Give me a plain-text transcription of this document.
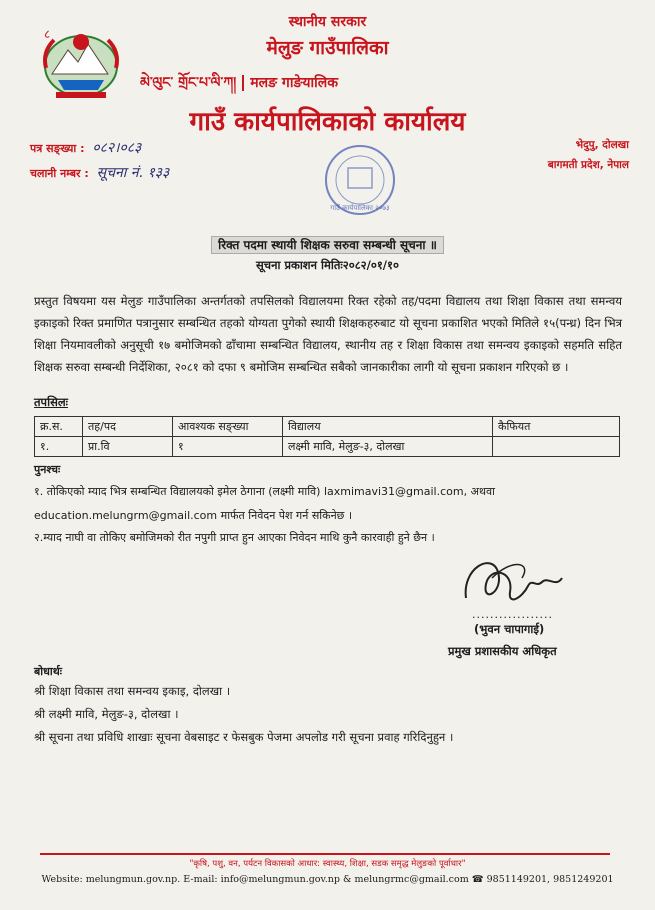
८
स्थानीय सरकार
मेलुङ गाउँपालिका
མེ་ལུང་ གྲོང་པ་ལི་ཀ། मलङ गाङेयालिक
गाउँ कार्यपालिकाको कार्यालय
पत्र सङ्ख्या : ०८२।०८३
चलानी नम्बर : सूचना नं. १३३
भेदुपु, दोलखा
बागमती प्रदेश, नेपाल
गाउँ कार्यपालिका २०७३
रिक्त पदमा स्थायी शिक्षक सरुवा सम्बन्धी सूचना ॥
सूचना प्रकाशन मितिः२०८२/०१/१०
प्रस्तुत विषयमा यस मेलुङ गाउँपालिका अन्तर्गतको तपसिलको विद्यालयमा रिक्त रहेको तह/पदमा विद्यालय तथा शिक्षा विकास तथा समन्वय इकाइको रिक्त प्रमाणित पत्रानुसार सम्बन्धित तहको योग्यता पुगेको स्थायी शिक्षकहरुबाट यो सूचना प्रकाशित भएको मितिले १५(पन्ध्र) दिन भित्र शिक्षा नियमावलीको अनुसूची १७ बमोजिमको ढाँचामा सम्बन्धित विद्यालय, स्थानीय तह र शिक्षा विकास तथा समन्वय इकाइको सहमति सहित शिक्षक सरुवा सम्बन्धी निर्देशिका, २०८१ को दफा ९ बमोजिम सम्बन्धित सबैको जानकारीका लागी यो सूचना प्रकाशन गरिएको छ ।
तपसिलः
क्र.स.	तह/पद	आवश्यक सङ्ख्या	विद्यालय	कैफियत
१.	प्रा.वि	१	लक्ष्मी मावि, मेलुङ-३, दोलखा	
पुनश्चः
१. तोकिएको म्याद भित्र सम्बन्धित विद्यालयको इमेल ठेगाना (लक्ष्मी मावि) laxmimavi31@gmail.com, अथवा
education.melungrm@gmail.com मार्फत निवेदन पेश गर्न सकिनेछ ।
२.म्याद नाघी वा तोकिए बमोजिमको रीत नपुगी प्राप्त हुन आएका निवेदन माथि कुनै कारवाही हुने छैन ।
..................
(भुवन चापागाई)
प्रमुख प्रशासकीय अधिकृत
बोधार्थः
श्री शिक्षा विकास तथा समन्वय इकाइ, दोलखा ।
श्री लक्ष्मी मावि, मेलुङ-३, दोलखा ।
श्री सूचना तथा प्रविधि शाखाः सूचना वेबसाइट र फेसबुक पेजमा अपलोड गरी सूचना प्रवाह गरिदिनुहुन ।
"कृषि, पशु, वन, पर्यटन विकासको आधार: स्वास्थ्य, शिक्षा, सडक समृद्ध मेलुङको पूर्वाधार"
Website: melungmun.gov.np. E-mail: info@melungmun.gov.np & melungrmc@gmail.com ☎ 9851149201, 9851249201
